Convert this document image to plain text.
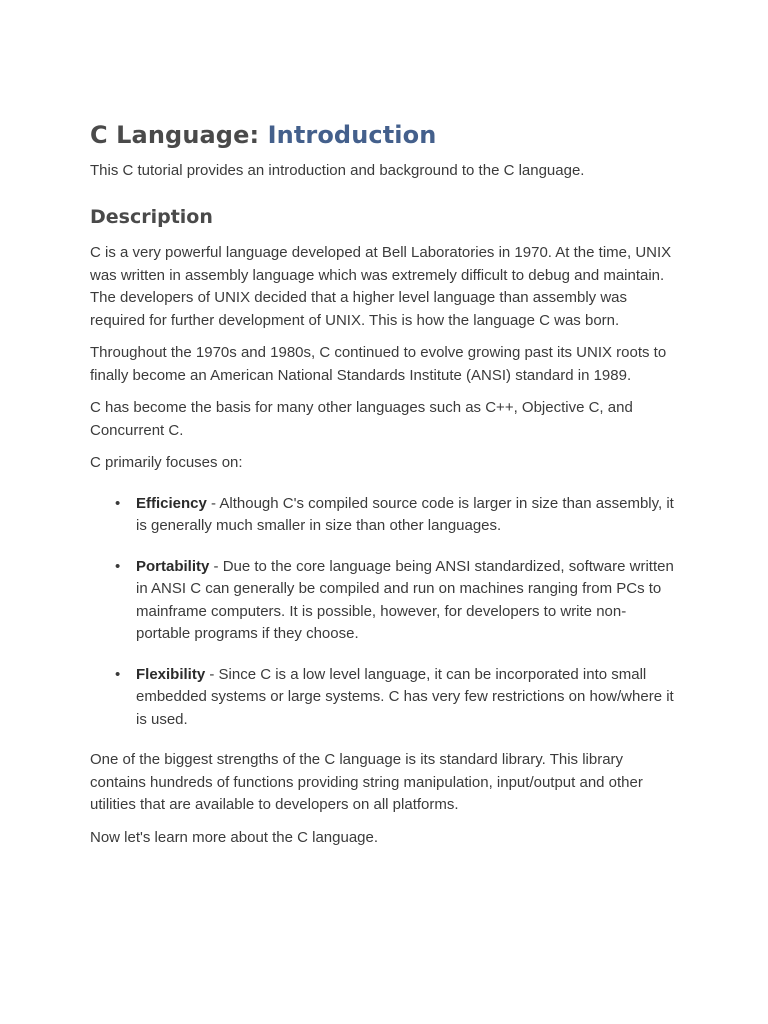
C Language: Introduction

This C tutorial provides an introduction and background to the C language.

Description

C is a very powerful language developed at Bell Laboratories in 1970. At the time, UNIX was written in assembly language which was extremely difficult to debug and maintain. The developers of UNIX decided that a higher level language than assembly was required for further development of UNIX. This is how the language C was born.

Throughout the 1970s and 1980s, C continued to evolve growing past its UNIX roots to finally become an American National Standards Institute (ANSI) standard in 1989.

C has become the basis for many other languages such as C++, Objective C, and Concurrent C.

C primarily focuses on:

• Efficiency - Although C's compiled source code is larger in size than assembly, it is generally much smaller in size than other languages.
• Portability - Due to the core language being ANSI standardized, software written in ANSI C can generally be compiled and run on machines ranging from PCs to mainframe computers. It is possible, however, for developers to write non-portable programs if they choose.
• Flexibility - Since C is a low level language, it can be incorporated into small embedded systems or large systems. C has very few restrictions on how/where it is used.

One of the biggest strengths of the C language is its standard library. This library contains hundreds of functions providing string manipulation, input/output and other utilities that are available to developers on all platforms.

Now let's learn more about the C language.
